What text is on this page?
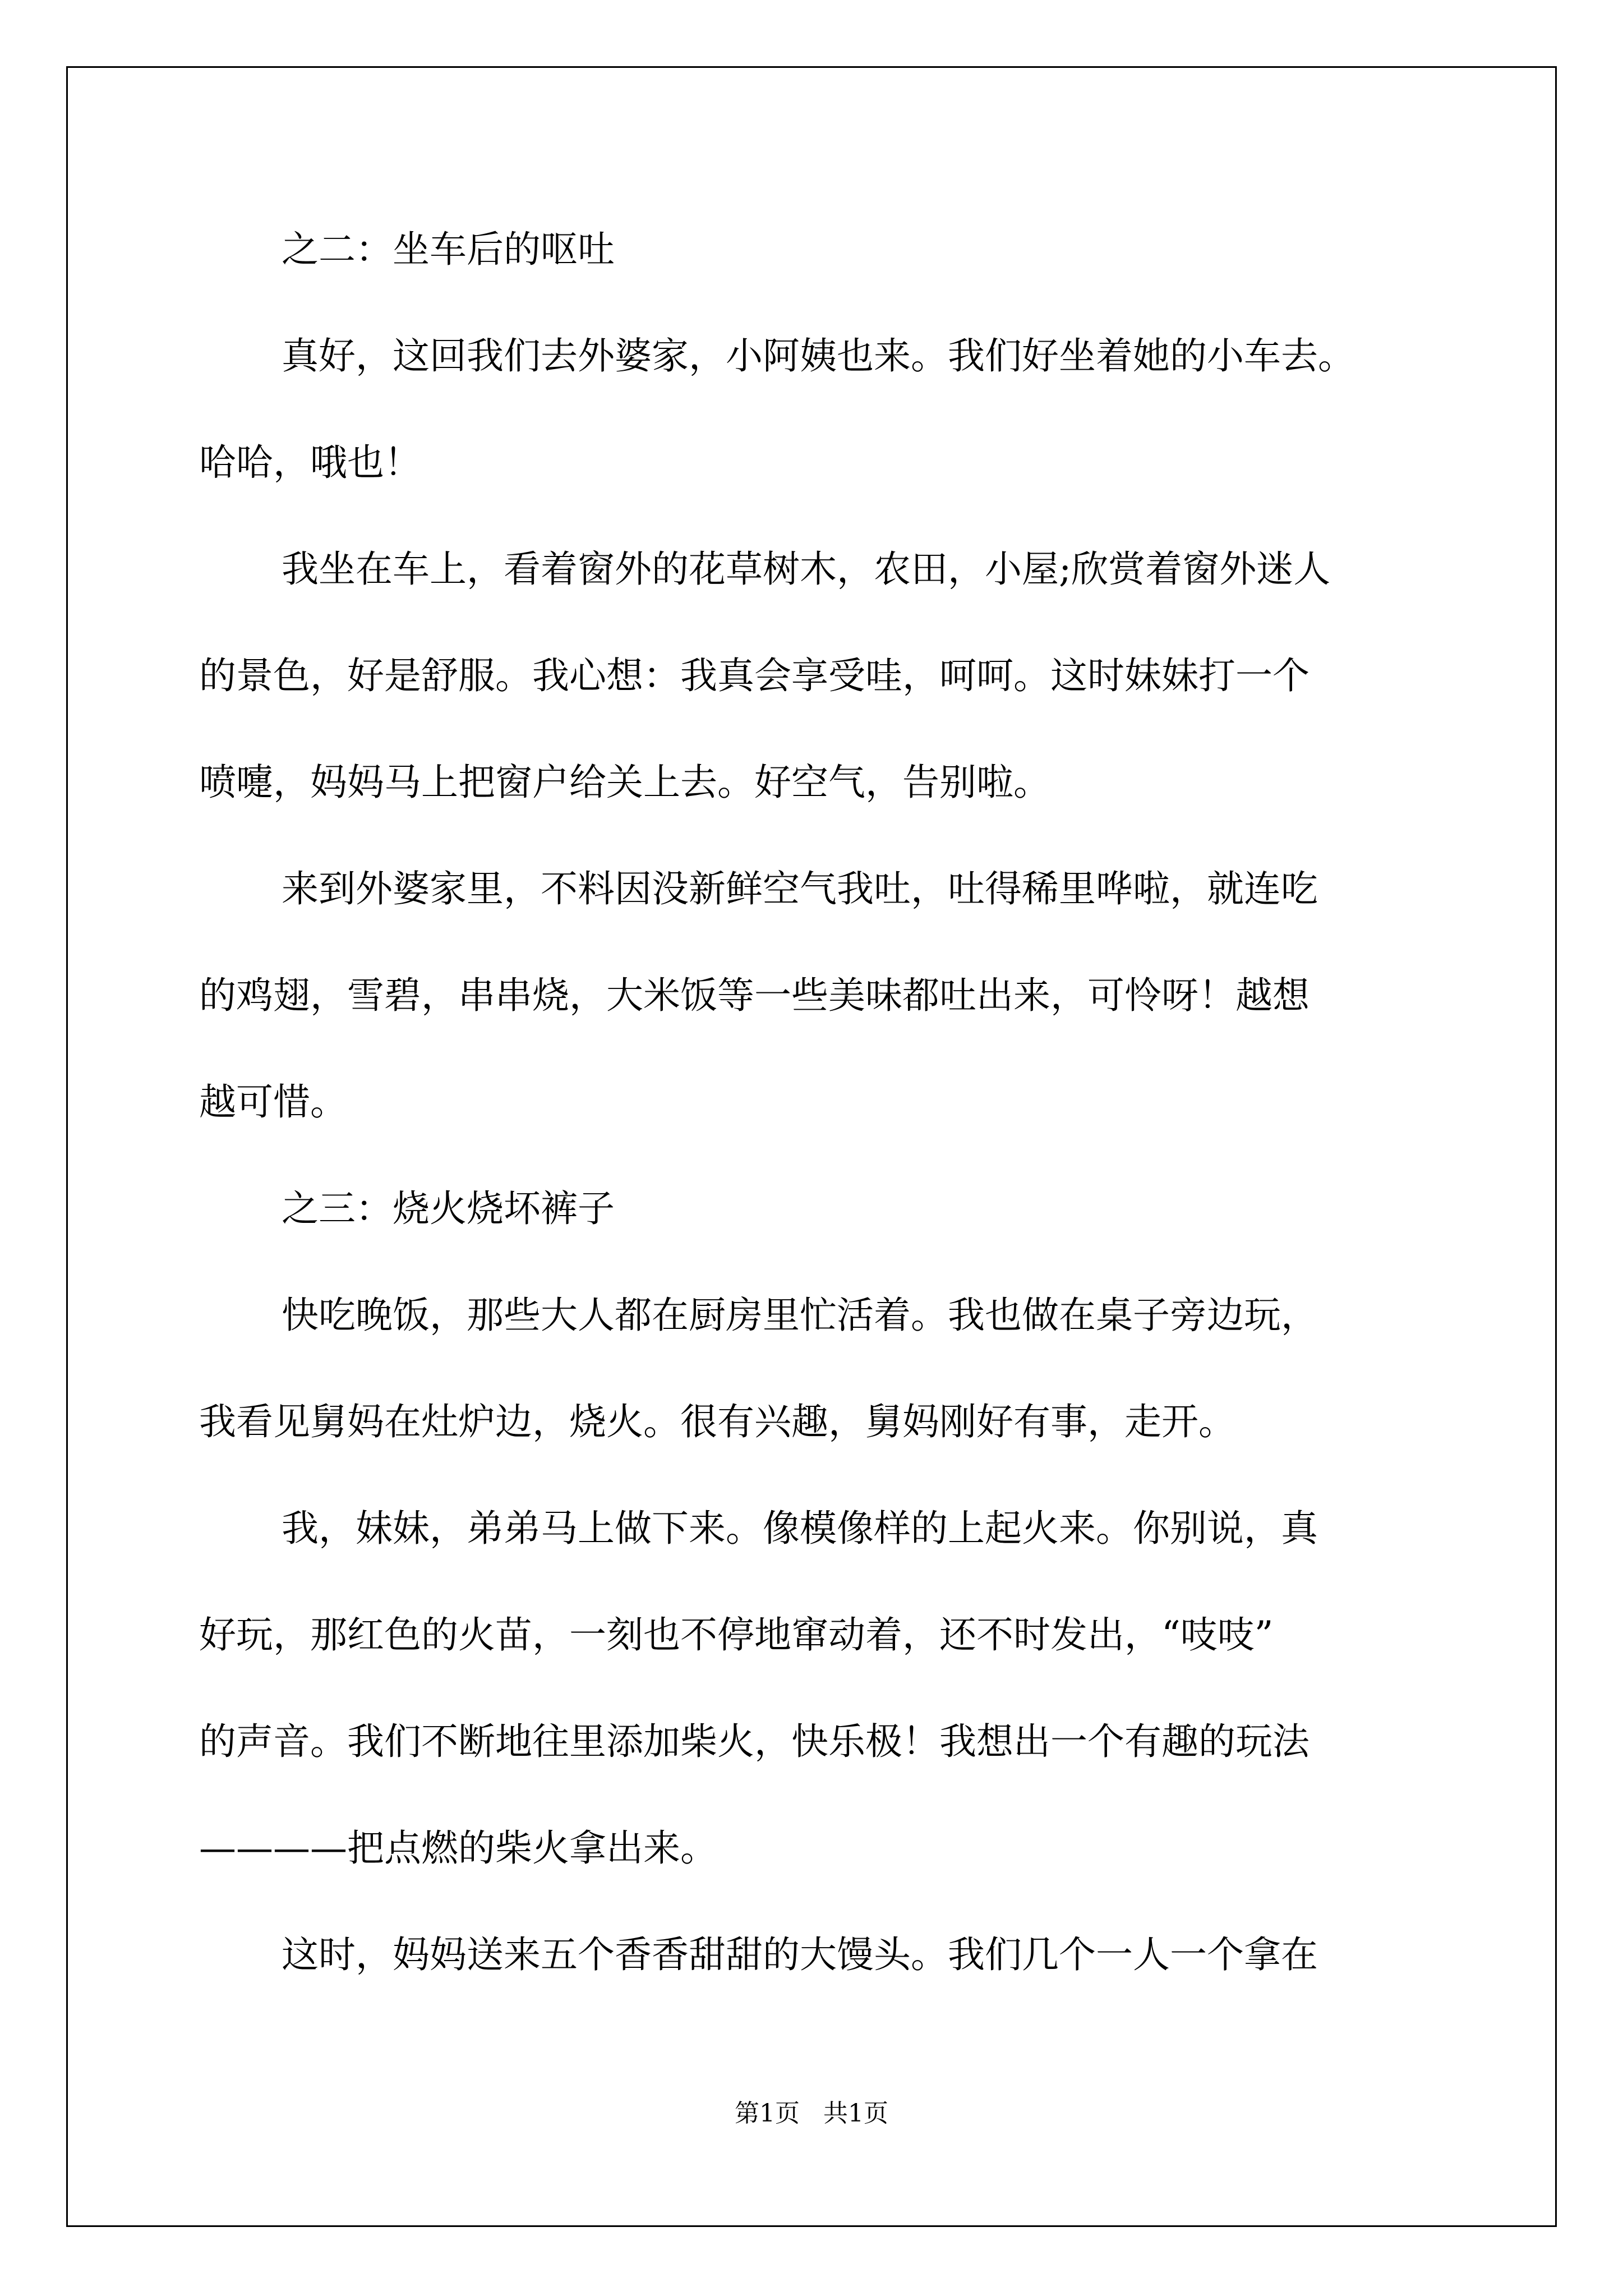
之二：坐车后的呕吐

真好，这回我们去外婆家，小阿姨也来。我们好坐着她的小车去。

哈哈，哦也！

我坐在车上，看着窗外的花草树木，农田，小屋;欣赏着窗外迷人

的景色，好是舒服。我心想：我真会享受哇，呵呵。这时妹妹打一个

喷嚏，妈妈马上把窗户给关上去。好空气，告别啦。

来到外婆家里，不料因没新鲜空气我吐，吐得稀里哗啦，就连吃

的鸡翅，雪碧，串串烧，大米饭等一些美味都吐出来，可怜呀！越想

越可惜。

之三：烧火烧坏裤子

快吃晚饭，那些大人都在厨房里忙活着。我也做在桌子旁边玩，

我看见舅妈在灶炉边，烧火。很有兴趣，舅妈刚好有事，走开。

我，妹妹，弟弟马上做下来。像模像样的上起火来。你别说，真

好玩，那红色的火苗，一刻也不停地窜动着，还不时发出，“吱吱”

的声音。我们不断地往里添加柴火，快乐极！我想出一个有趣的玩法

————把点燃的柴火拿出来。

这时，妈妈送来五个香香甜甜的大馒头。我们几个一人一个拿在

第1页   共1页
